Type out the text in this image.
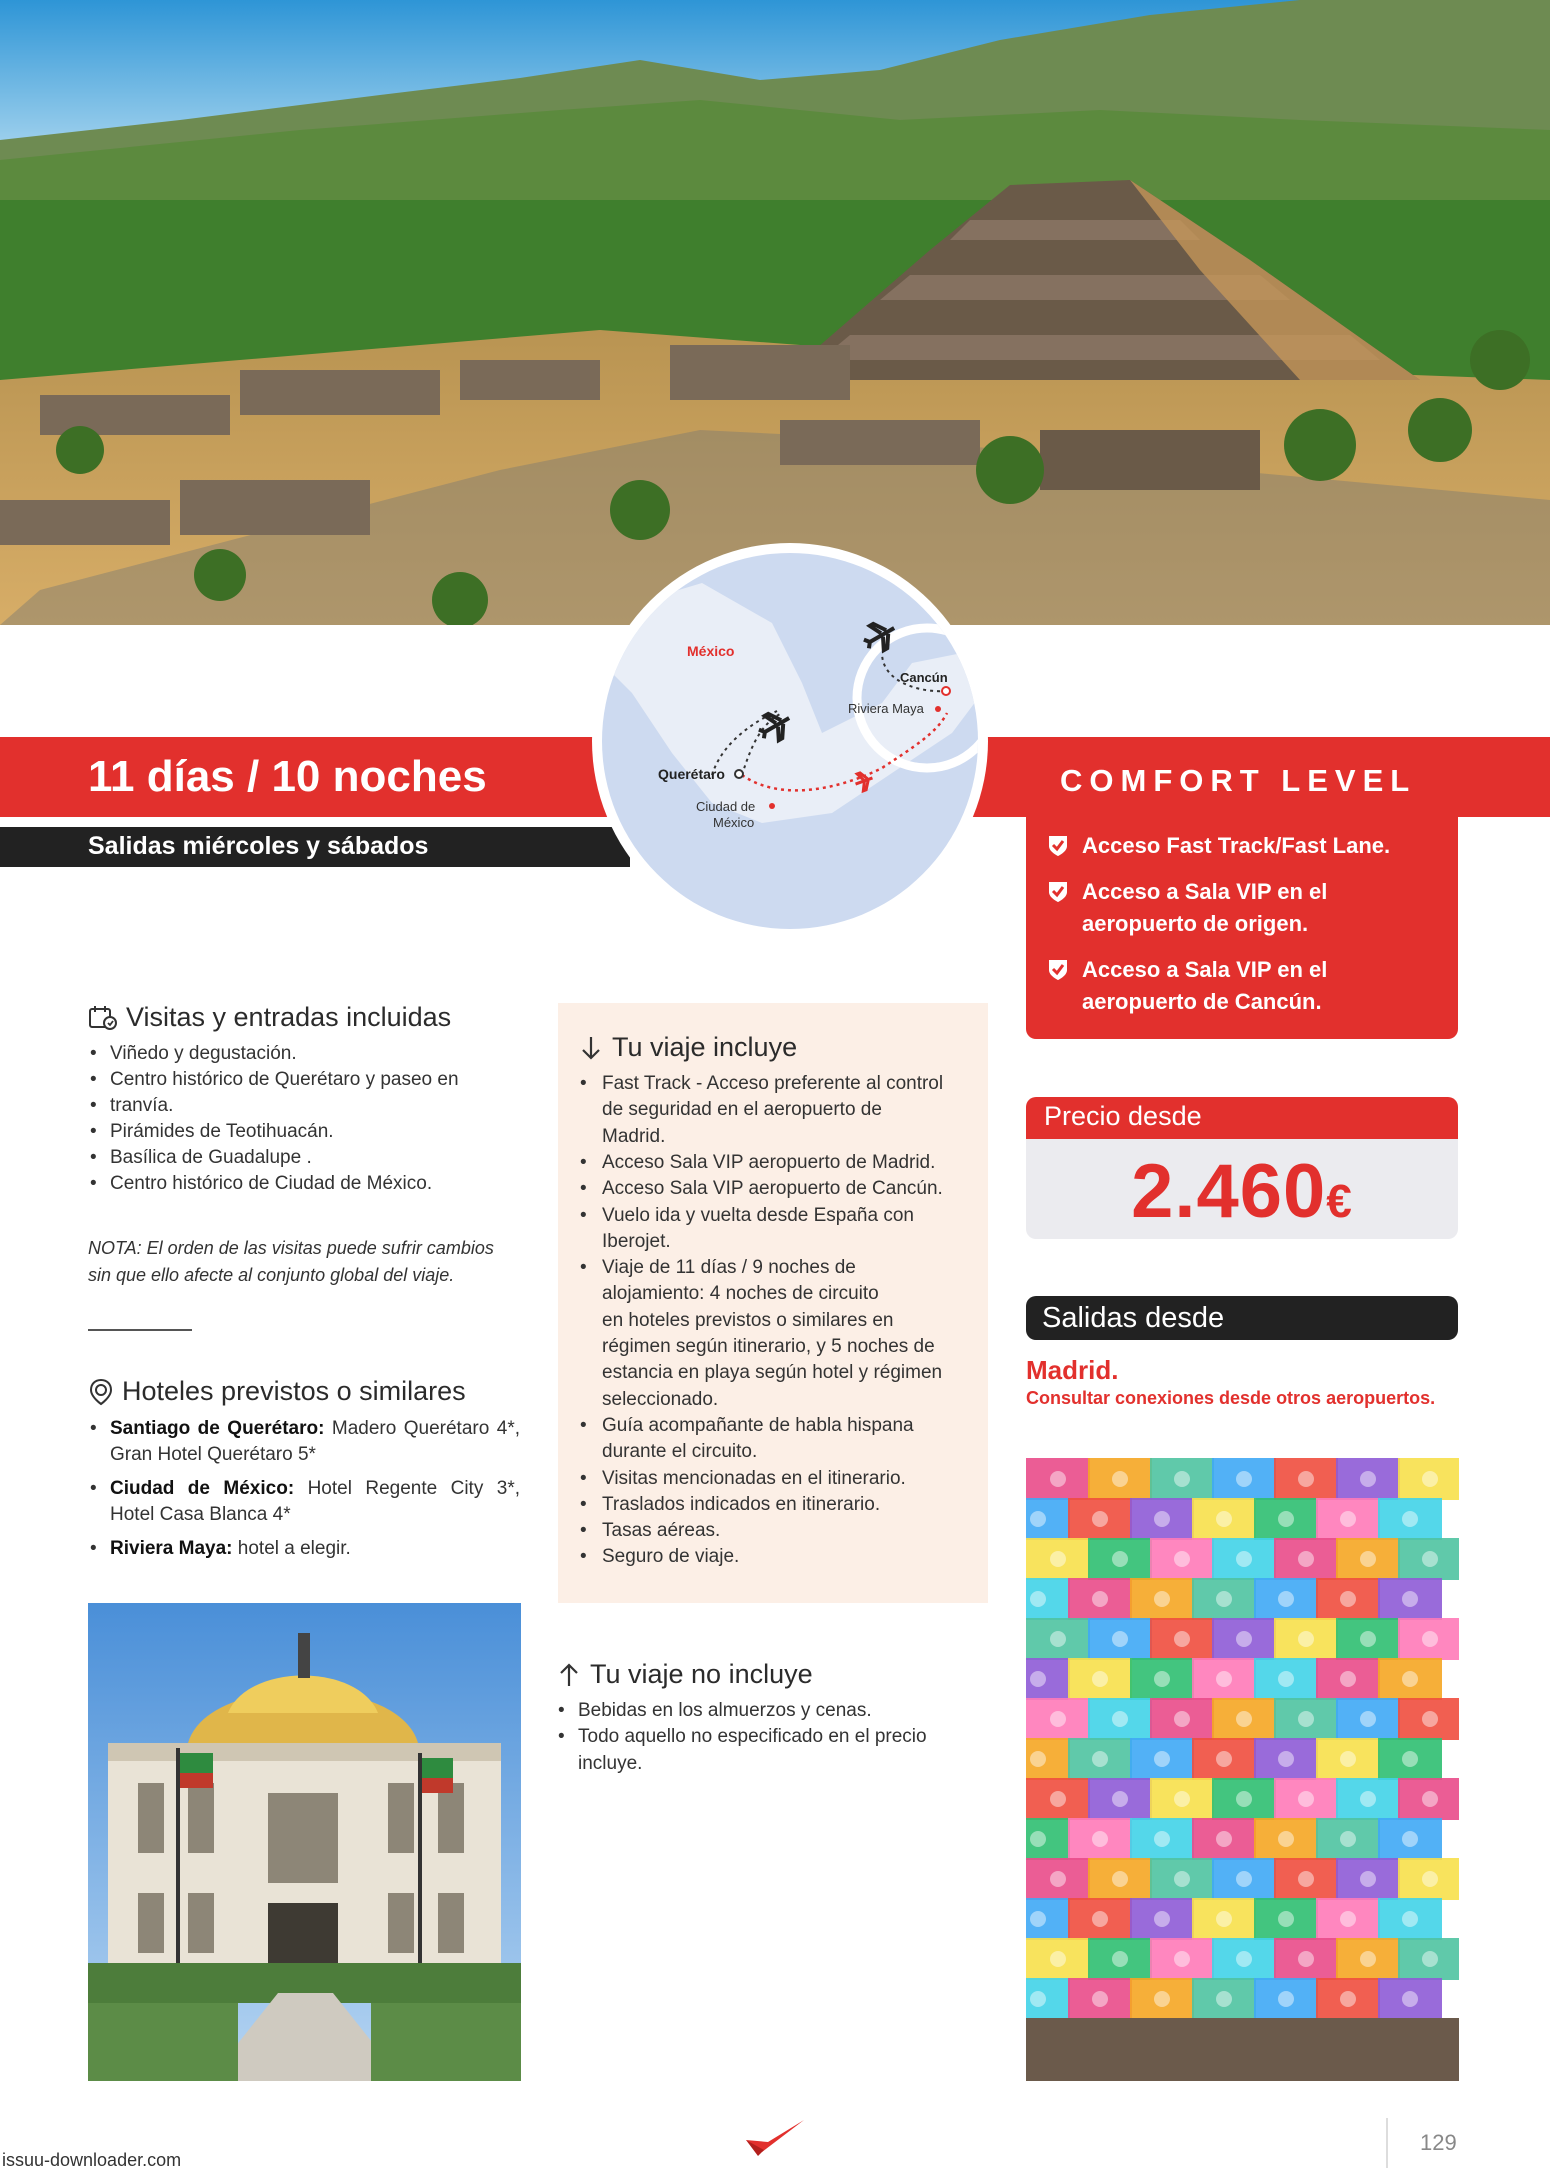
11 días / 10 noches
Salidas miércoles y sábados
COMFORT LEVEL
México
Cancún
Riviera Maya
Querétaro
Ciudad de
México
Acceso Fast Track/Fast Lane.
Acceso a Sala VIP en el
aeropuerto de origen.
Acceso a Sala VIP en el
aeropuerto de Cancún.
Precio desde
2.460€
Salidas desde
Madrid.
Consultar conexiones desde otros aeropuertos.
Visitas y entradas incluidas
• Viñedo y degustación.
• Centro histórico de Querétaro y paseo en
• tranvía.
• Pirámides de Teotihuacán.
• Basílica de Guadalupe .
• Centro histórico de Ciudad de México.
NOTA: El orden de las visitas puede sufrir cambios
sin que ello afecte al conjunto global del viaje.
Hoteles previstos o similares
• Santiago de Querétaro: Madero Querétaro 4*, Gran Hotel Querétaro 5*
• Ciudad de México: Hotel Regente City 3*, Hotel Casa Blanca 4*
• Riviera Maya: hotel a elegir.
Tu viaje incluye
• Fast Track - Acceso preferente al control
de seguridad en el aeropuerto de
Madrid.
• Acceso Sala VIP aeropuerto de Madrid.
• Acceso Sala VIP aeropuerto de Cancún.
• Vuelo ida y vuelta desde España con
Iberojet.
• Viaje de 11 días / 9 noches de
alojamiento: 4 noches de circuito
en hoteles previstos o similares en
régimen según itinerario, y 5 noches de
estancia en playa según hotel y régimen
seleccionado.
• Guía acompañante de habla hispana
durante el circuito.
• Visitas mencionadas en el itinerario.
• Traslados indicados en itinerario.
• Tasas aéreas.
• Seguro de viaje.
Tu viaje no incluye
• Bebidas en los almuerzos y cenas.
• Todo aquello no especificado en el precio
incluye.
129
issuu-downloader.com
